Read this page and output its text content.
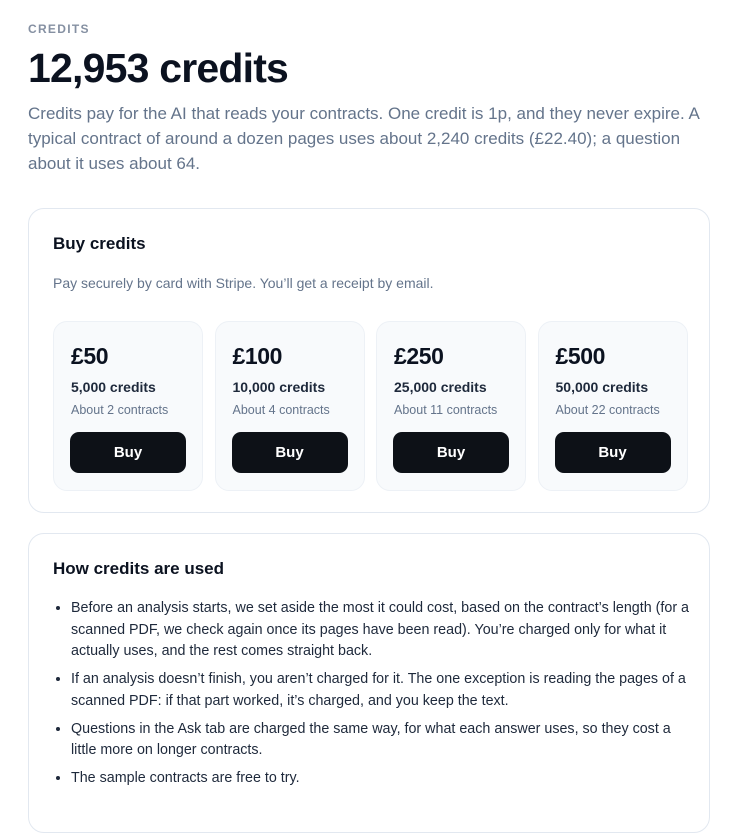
CREDITS
12,953 credits

Credits pay for the AI that reads your contracts. One credit is 1p, and they never expire. A typical contract of around a dozen pages uses about 2,240 credits (£22.40); a question about it uses about 64.

Buy credits

Pay securely by card with Stripe. You’ll get a receipt by email.

£50
5,000 credits
About 2 contracts
Buy
£100
10,000 credits
About 4 contracts
Buy
£250
25,000 credits
About 11 contracts
Buy
£500
50,000 credits
About 22 contracts
Buy
How credits are used
• Before an analysis starts, we set aside the most it could cost, based on the contract’s length (for a scanned PDF, we check again once its pages have been read). You’re charged only for what it actually uses, and the rest comes straight back.
• If an analysis doesn’t finish, you aren’t charged for it. The one exception is reading the pages of a scanned PDF: if that part worked, it’s charged, and you keep the text.
• Questions in the Ask tab are charged the same way, for what each answer uses, so they cost a little more on longer contracts.
• The sample contracts are free to try.
